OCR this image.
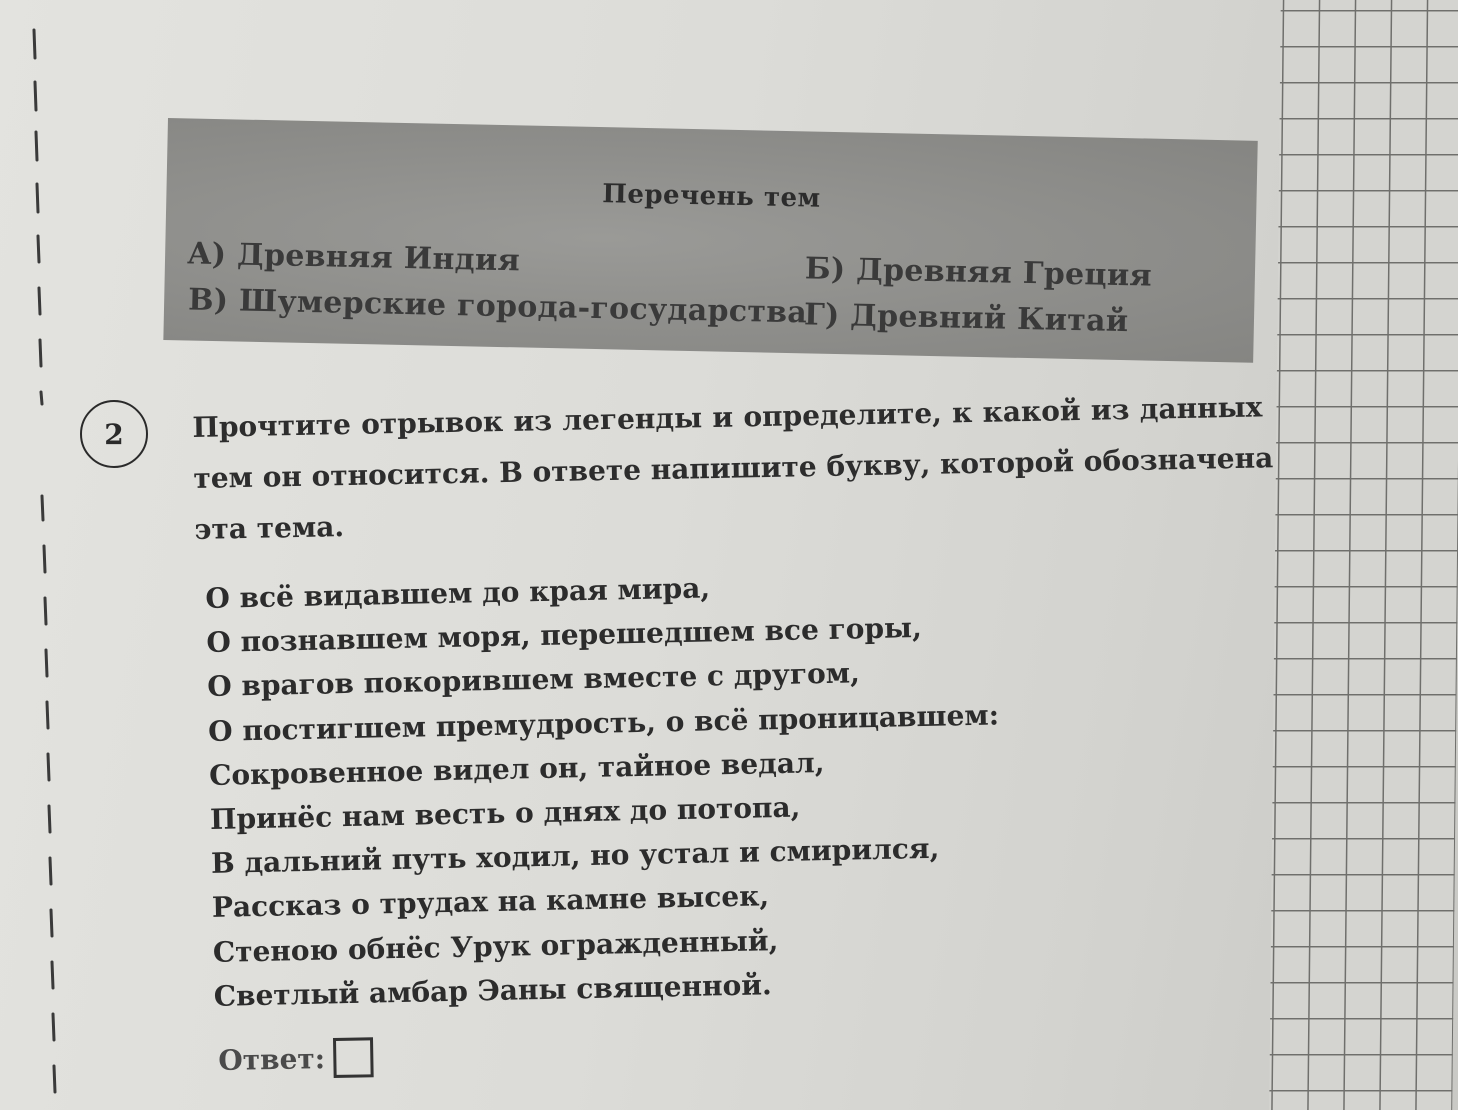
Перечень тем
А) Древняя Индия	Б) Древняя Греция
В) Шумерские города-государства
Г) Древний Китай
2	Прочтите отрывок из легенды и определите, к какой из данных
тем он относится. В ответе напишите букву, которой обозначена
эта тема.
О всё видавшем до края мира,
О познавшем моря, перешедшем все горы,
О врагов покорившем вместе с другом,
О постигшем премудрость, о всё проницавшем:
Сокровенное видел он, тайное ведал,
Принёс нам весть о днях до потопа,
В дальний путь ходил, но устал и смирился,
Рассказ о трудах на камне высек,
Стеною обнёс Урук огражденный,
Светлый амбар Эаны священной.
Ответ:
